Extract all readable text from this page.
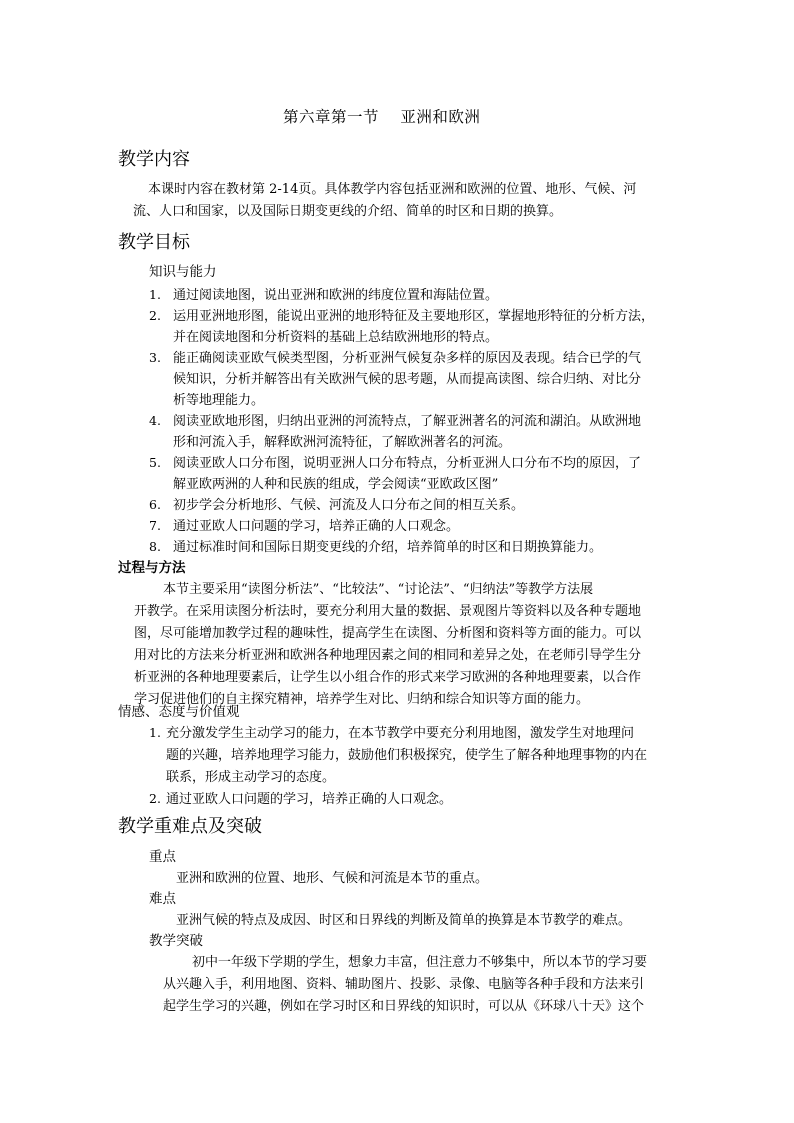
第六章第一节　 亚洲和欧洲
教学内容
本课时内容在教材第 2-14页。具体教学内容包括亚洲和欧洲的位置、地形、气候、河
流、人口和国家，以及国际日期变更线的介绍、简单的时区和日期的换算。
教学目标
知识与能力
1. 通过阅读地图，说出亚洲和欧洲的纬度位置和海陆位置。
2. 运用亚洲地形图，能说出亚洲的地形特征及主要地形区，掌握地形特征的分析方法，
并在阅读地图和分析资料的基础上总结欧洲地形的特点。
3. 能正确阅读亚欧气候类型图，分析亚洲气候复杂多样的原因及表现。结合已学的气
候知识，分析并解答出有关欧洲气候的思考题，从而提高读图、综合归纳、对比分
析等地理能力。
4. 阅读亚欧地形图，归纳出亚洲的河流特点，了解亚洲著名的河流和湖泊。从欧洲地
形和河流入手，解释欧洲河流特征，了解欧洲著名的河流。
5. 阅读亚欧人口分布图，说明亚洲人口分布特点，分析亚洲人口分布不均的原因，了
解亚欧两洲的人种和民族的组成，学会阅读“亚欧政区图”
6. 初步学会分析地形、气候、河流及人口分布之间的相互关系。
7. 通过亚欧人口问题的学习，培养正确的人口观念。
8. 通过标准时间和国际日期变更线的介绍，培养简单的时区和日期换算能力。
过程与方法
本节主要采用“读图分析法”、“比较法”、“讨论法”、“归纳法”等教学方法展
开教学。在采用读图分析法时，要充分利用大量的数据、景观图片等资料以及各种专题地
图，尽可能增加教学过程的趣味性，提高学生在读图、分析图和资料等方面的能力。可以
用对比的方法来分析亚洲和欧洲各种地理因素之间的相同和差异之处，在老师引导学生分
析亚洲的各种地理要素后，让学生以小组合作的形式来学习欧洲的各种地理要素，以合作
学习促进他们的自主探究精神，培养学生对比、归纳和综合知识等方面的能力。
情感、态度与价值观
1. 充分激发学生主动学习的能力，在本节教学中要充分利用地图，激发学生对地理问
题的兴趣，培养地理学习能力，鼓励他们积极探究，使学生了解各种地理事物的内在
联系，形成主动学习的态度。
2. 通过亚欧人口问题的学习，培养正确的人口观念。
教学重难点及突破
重点
亚洲和欧洲的位置、地形、气候和河流是本节的重点。
难点
亚洲气候的特点及成因、时区和日界线的判断及简单的换算是本节教学的难点。
教学突破
初中一年级下学期的学生，想象力丰富，但注意力不够集中，所以本节的学习要
从兴趣入手，利用地图、资料、辅助图片、投影、录像、电脑等各种手段和方法来引
起学生学习的兴趣，例如在学习时区和日界线的知识时，可以从《环球八十天》这个
